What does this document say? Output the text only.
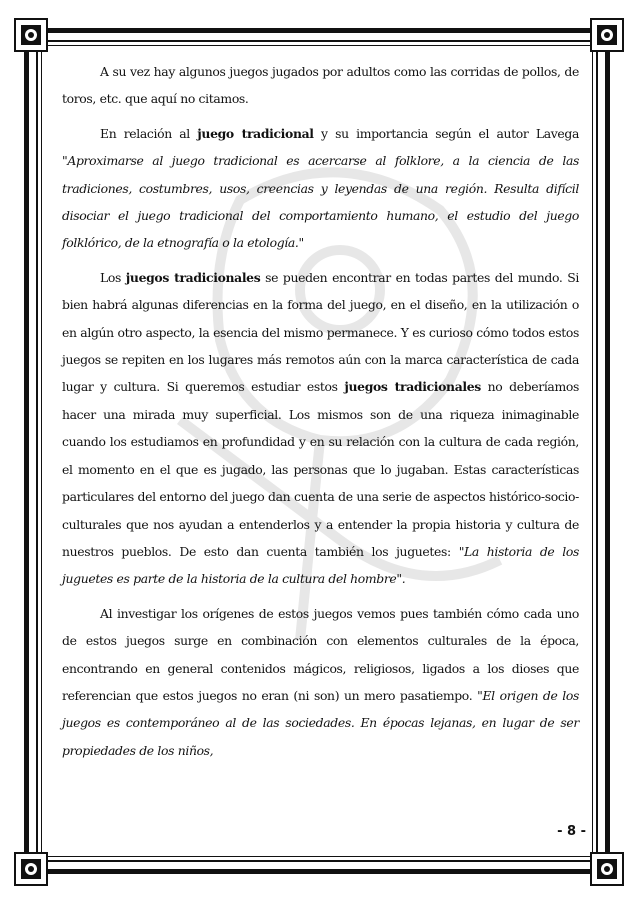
A su vez hay algunos juegos jugados por adultos como las corridas de pollos, de toros, etc. que aquí no citamos.

En relación al juego tradicional y su importancia según el autor Lavega "Aproximarse al juego tradicional es acercarse al folklore, a la ciencia de las tradiciones, costumbres, usos, creencias y leyendas de una región. Resulta difícil disociar el juego tradicional del comportamiento humano, el estudio del juego folklórico, de la etnografía o la etología."

Los juegos tradicionales se pueden encontrar en todas partes del mundo. Si bien habrá algunas diferencias en la forma del juego, en el diseño, en la utilización o en algún otro aspecto, la esencia del mismo permanece. Y es curioso cómo todos estos juegos se repiten en los lugares más remotos aún con la marca característica de cada lugar y cultura. Si queremos estudiar estos juegos tradicionales no deberíamos hacer una mirada muy superficial. Los mismos son de una riqueza inimaginable cuando los estudiamos en profundidad y en su relación con la cultura de cada región, el momento en el que es jugado, las personas que lo jugaban. Estas características particulares del entorno del juego dan cuenta de una serie de aspectos histórico-socio-culturales que nos ayudan a entenderlos y a entender la propia historia y cultura de nuestros pueblos. De esto dan cuenta también los juguetes: "La historia de los juguetes es parte de la historia de la cultura del hombre".

Al investigar los orígenes de estos juegos vemos pues también cómo cada uno de estos juegos surge en combinación con elementos culturales de la época, encontrando en general contenidos mágicos, religiosos, ligados a los dioses que referencian que estos juegos no eran (ni son) un mero pasatiempo. "El origen de los juegos es contemporáneo al de las sociedades. En épocas lejanas, en lugar de ser propiedades de los niños,

- 8 -
